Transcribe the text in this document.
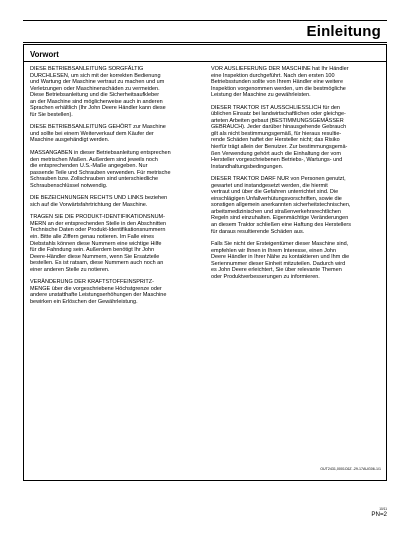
Einleitung
Vorwort

DIESE BETRIEBSANLEITUNG SORGFÄLTIG
DURCHLESEN, um sich mit der korrekten Bedienung
und Wartung der Maschine vertraut zu machen und um
Verletzungen oder Maschinenschäden zu vermeiden.
Diese Betriebsanleitung und die Sicherheitsaufkleber
an der Maschine sind möglicherweise auch in anderen
Sprachen erhältlich (Ihr John Deere Händler kann diese
für Sie bestellen).

DIESE BETRIEBSANLEITUNG GEHÖRT zur Maschine
und sollte bei einem Weiterverkauf dem Käufer der
Maschine ausgehändigt werden.

MASSANGABEN in dieser Betriebsanleitung entsprechen
den metrischen Maßen. Außerdem sind jeweils noch
die entsprechenden U.S.-Maße angegeben. Nur
passende Teile und Schrauben verwenden. Für metrische
Schrauben bzw. Zollschrauben sind unterschiedliche
Schraubenschlüssel notwendig.

DIE BEZEICHNUNGEN RECHTS UND LINKS beziehen
sich auf die Vorwärtsfahrtrichtung der Maschine.

TRAGEN SIE DIE PRODUKT-IDENTIFIKATIONSNUM-
MERN an der entsprechenden Stelle in den Abschnitten
Technische Daten oder Produkt-Identifikationsnummern
ein. Bitte alle Ziffern genau notieren. Im Falle eines
Diebstahls können diese Nummern eine wichtige Hilfe
für die Fahndung sein. Außerdem benötigt Ihr John
Deere-Händler diese Nummern, wenn Sie Ersatzteile
bestellen. Es ist ratsam, diese Nummern auch noch an
einer anderen Stelle zu notieren.

VERÄNDERUNG DER KRAFTSTOFFEINSPRITZ-
MENGE über die vorgeschriebene Höchstgrenze oder
andere unstatthafte Leistungserhöhungen der Maschine
bewirken ein Erlöschen der Gewährleistung.

VOR AUSLIEFERUNG DER MASCHINE hat Ihr Händler
eine Inspektion durchgeführt. Nach den ersten 100
Betriebsstunden sollte von Ihrem Händler eine weitere
Inspektion vorgenommen werden, um die bestmögliche
Leistung der Maschine zu gewährleisten.

DIESER TRAKTOR IST AUSSCHLIESSLICH für den
üblichen Einsatz bei landwirtschaftlichen oder gleichge-
arteten Arbeiten gebaut (BESTIMMUNGSGEMÄSSER
GEBRAUCH). Jeder darüber hinausgehende Gebrauch
gilt als nicht bestimmungsgemäß, für hieraus resultie-
rende Schäden haftet der Hersteller nicht; das Risiko
hierfür trägt allein der Benutzer. Zur bestimmungsgemä-
ßen Verwendung gehört auch die Einhaltung der vom
Hersteller vorgeschriebenen Betriebs-, Wartungs- und
Instandhaltungsbedingungen.

DIESER TRAKTOR DARF NUR von Personen genutzt,
gewartet und instandgesetzt werden, die hiermit
vertraut und über die Gefahren unterrichtet sind. Die
einschlägigen Unfallverhütungsvorschriften, sowie die
sonstigen allgemein anerkannten sicherheitstechnischen,
arbeitsmedizinischen und straßenverkehrsrechtlichen
Regeln sind einzuhalten. Eigenmächtige Veränderungen
an diesem Traktor schließen eine Haftung des Herstellers
für daraus resultierende Schäden aus.

Falls Sie nicht der Ersteigentümer dieser Maschine sind,
empfehlen wir Ihnen in Ihrem Interesse, einen John
Deere Händler in Ihrer Nähe zu kontaktieren und Ihm die
Seriennummer dieser Einheit mitzuteilen. Dadurch wird
es John Deere erleichtert, Sie über relevante Themen
oder Produktverbesserungen zu informieren.

OUT2431,0001C6Z -29-17AUG06-1/1
10/11
PN=2
